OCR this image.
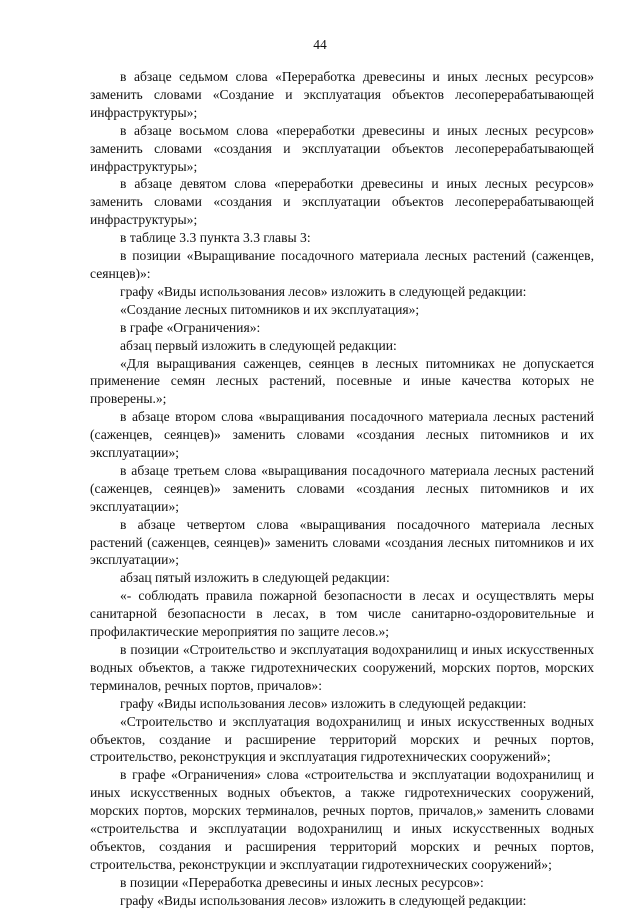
44

в абзаце седьмом слова «Переработка древесины и иных лесных ресурсов» заменить словами «Создание и эксплуатация объектов лесоперерабатывающей инфраструктуры»;

в абзаце восьмом слова «переработки древесины и иных лесных ресурсов» заменить словами «создания и эксплуатации объектов лесоперерабатывающей инфраструктуры»;

в абзаце девятом слова «переработки древесины и иных лесных ресурсов» заменить словами «создания и эксплуатации объектов лесоперерабатывающей инфраструктуры»;

в таблице 3.3 пункта 3.3 главы 3:

в позиции «Выращивание посадочного материала лесных растений (саженцев, сеянцев)»:

графу «Виды использования лесов» изложить в следующей редакции:

«Создание лесных питомников и их эксплуатация»;

в графе «Ограничения»:

абзац первый изложить в следующей редакции:

«Для выращивания саженцев, сеянцев в лесных питомниках не допускается применение семян лесных растений, посевные и иные качества которых не проверены.»;

в абзаце втором слова «выращивания посадочного материала лесных растений (саженцев, сеянцев)» заменить словами «создания лесных питомников и их эксплуатации»;

в абзаце третьем слова «выращивания посадочного материала лесных растений (саженцев, сеянцев)» заменить словами «создания лесных питомников и их эксплуатации»;

в абзаце четвертом слова «выращивания посадочного материала лесных растений (саженцев, сеянцев)» заменить словами «создания лесных питомников и их эксплуатации»;

абзац пятый изложить в следующей редакции:

«- соблюдать правила пожарной безопасности в лесах и осуществлять меры санитарной безопасности в лесах, в том числе санитарно-оздоровительные и профилактические мероприятия по защите лесов.»;

в позиции «Строительство и эксплуатация водохранилищ и иных искусственных водных объектов, а также гидротехнических сооружений, морских портов, морских терминалов, речных портов, причалов»:

графу «Виды использования лесов» изложить в следующей редакции:

«Строительство и эксплуатация водохранилищ и иных искусственных водных объектов, создание и расширение территорий морских и речных портов, строительство, реконструкция и эксплуатация гидротехнических сооружений»;

в графе «Ограничения» слова «строительства и эксплуатации водохранилищ и иных искусственных водных объектов, а также гидротехнических сооружений, морских портов, морских терминалов, речных портов, причалов,» заменить словами «строительства и эксплуатации водохранилищ и иных искусственных водных объектов, создания и расширения территорий морских и речных портов, строительства, реконструкции и эксплуатации гидротехнических сооружений»;

в позиции «Переработка древесины и иных лесных ресурсов»:

графу «Виды использования лесов» изложить в следующей редакции:
